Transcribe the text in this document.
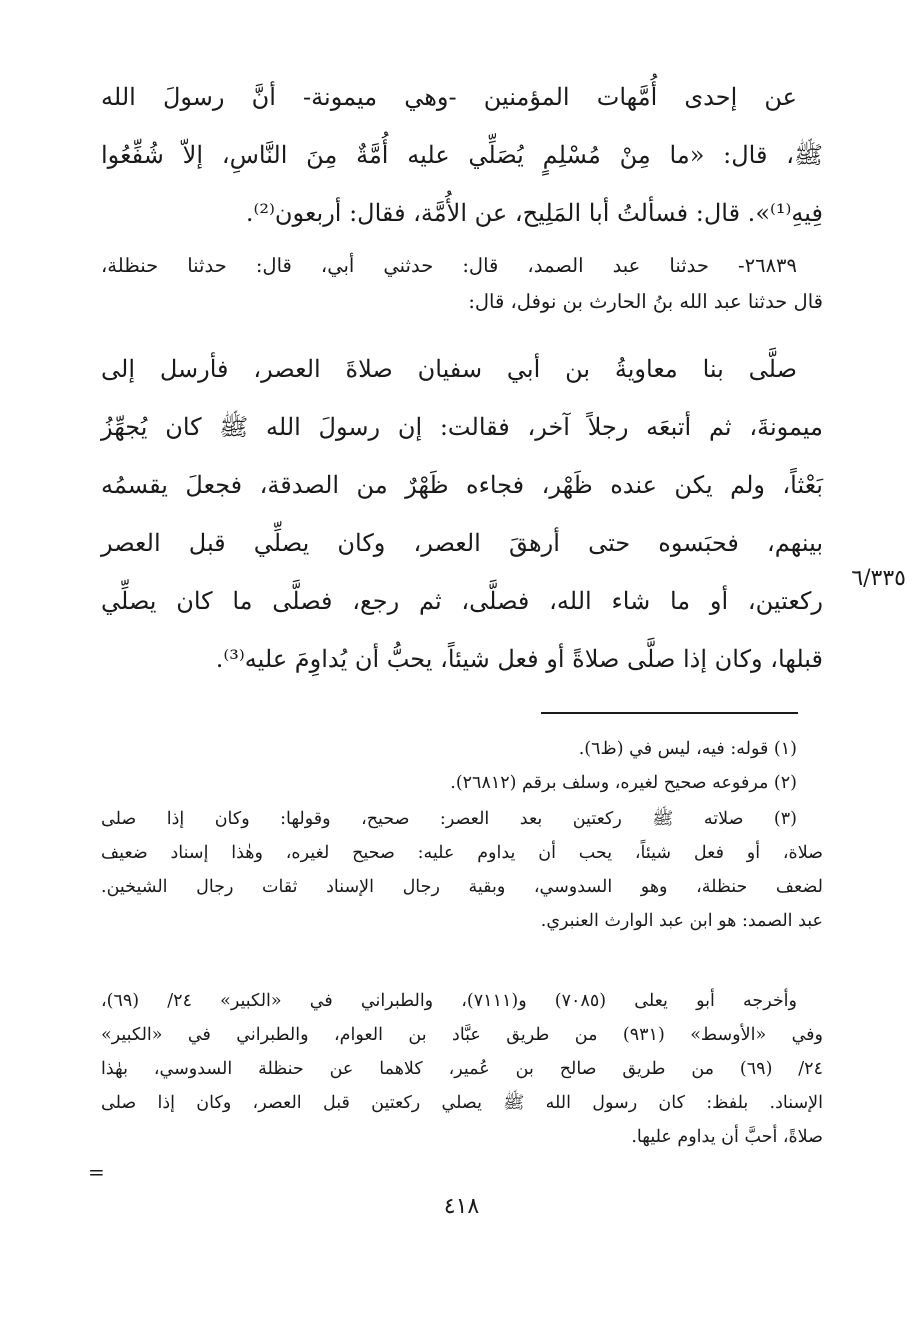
عن إحدى أُمَّهات المؤمنين -وهي ميمونة- أنَّ رسولَ الله
ﷺ، قال: «ما مِنْ مُسْلِمٍ يُصَلِّي عليه أُمَّةٌ مِنَ النَّاسِ، إلاّ شُفِّعُوا
فِيهِ⁽¹⁾». قال: فسألتُ أبا المَلِيح، عن الأُمَّة، فقال: أربعون⁽²⁾.
٢٦٨٣٩- حدثنا عبد الصمد، قال: حدثني أبي، قال: حدثنا حنظلة،
قال حدثنا عبد الله بنُ الحارث بن نوفل، قال:
صلَّى بنا معاويةُ بن أبي سفيان صلاةَ العصر، فأرسل إلى
ميمونةَ، ثم أتبعَه رجلاً آخر، فقالت: إن رسولَ الله ﷺ كان يُجهِّزُ
بَعْثاً، ولم يكن عنده ظَهْر، فجاءه ظَهْرٌ من الصدقة، فجعلَ يقسمُه
بينهم، فحبَسوه حتى أرهقَ العصر، وكان يصلِّي قبل العصر
ركعتين، أو ما شاء الله، فصلَّى، ثم رجع، فصلَّى ما كان يصلِّي
قبلها، وكان إذا صلَّى صلاةً أو فعل شيئاً، يحبُّ أن يُداوِمَ عليه⁽³⁾.
٦/٣٣٥
(١) قوله: فيه، ليس في (ظ٦).
(٢) مرفوعه صحيح لغيره، وسلف برقم (٢٦٨١٢).
(٣) صلاته ﷺ ركعتين بعد العصر: صحيح، وقولها: وكان إذا صلى
صلاة، أو فعل شيئاً، يحب أن يداوم عليه: صحيح لغيره، وهٰذا إسناد ضعيف
لضعف حنظلة، وهو السدوسي، وبقية رجال الإسناد ثقات رجال الشيخين.
عبد الصمد: هو ابن عبد الوارث العنبري.
وأخرجه أبو يعلى (٧٠٨٥) و(٧١١١)، والطبراني في «الكبير» ٢٤/ (٦٩)،
وفي «الأوسط» (٩٣١) من طريق عبَّاد بن العوام، والطبراني في «الكبير»
٢٤/ (٦٩) من طريق صالح بن عُمير، كلاهما عن حنظلة السدوسي، بهٰذا
الإسناد. بلفظ: كان رسول الله ﷺ يصلي ركعتين قبل العصر، وكان إذا صلى
صلاةً، أحبَّ أن يداوم عليها.
=
٤١٨
